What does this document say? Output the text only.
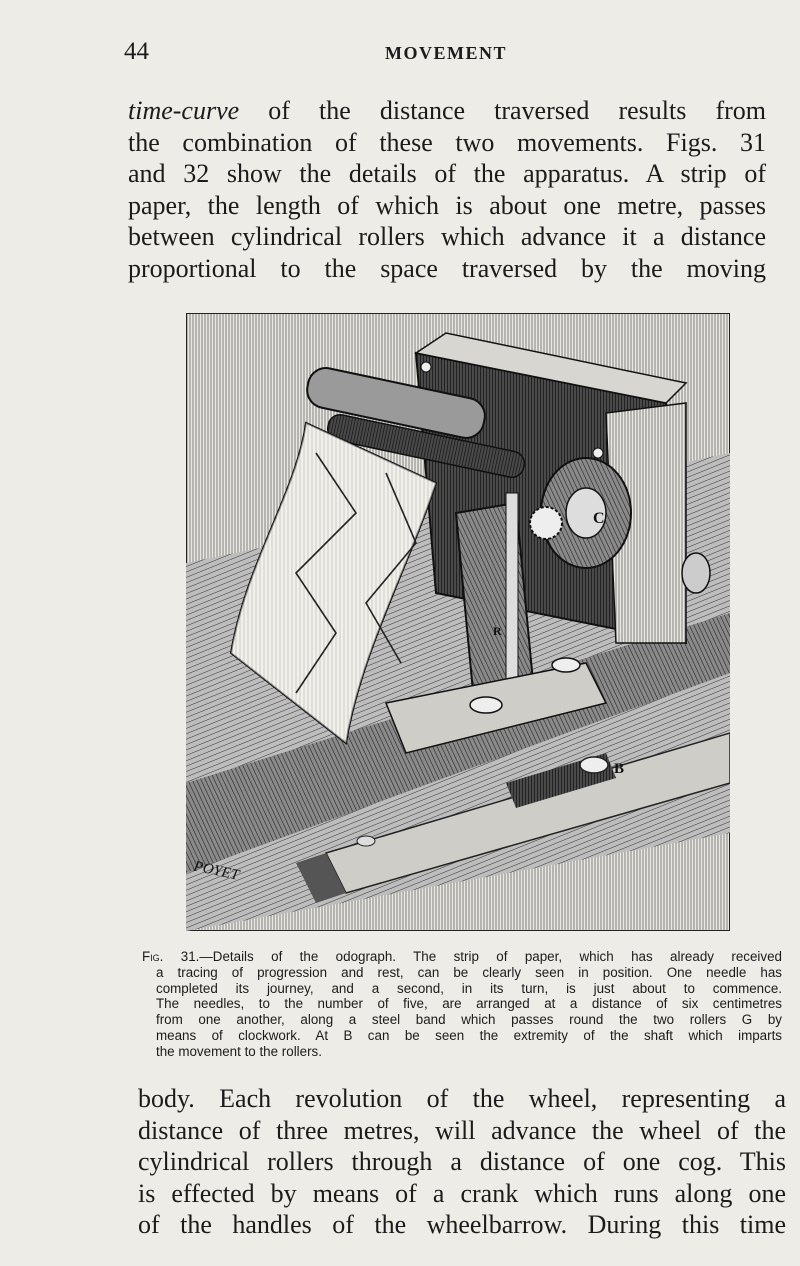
44	MOVEMENT
time-curve of the distance traversed results from
the combination of these two movements. Figs. 31
and 32 show the details of the apparatus. A strip of
paper, the length of which is about one metre, passes
between cylindrical rollers which advance it a distance
proportional to the space traversed by the moving
C
R
B
POYET
Fig. 31.—Details of the odograph. The strip of paper, which has already received
a tracing of progression and rest, can be clearly seen in position. One needle has
completed its journey, and a second, in its turn, is just about to commence.
The needles, to the number of five, are arranged at a distance of six centimetres
from one another, along a steel band which passes round the two rollers G by
means of clockwork. At B can be seen the extremity of the shaft which imparts
the movement to the rollers.
body. Each revolution of the wheel, representing a
distance of three metres, will advance the wheel of the
cylindrical rollers through a distance of one cog. This
is effected by means of a crank which runs along one
of the handles of the wheelbarrow. During this time
